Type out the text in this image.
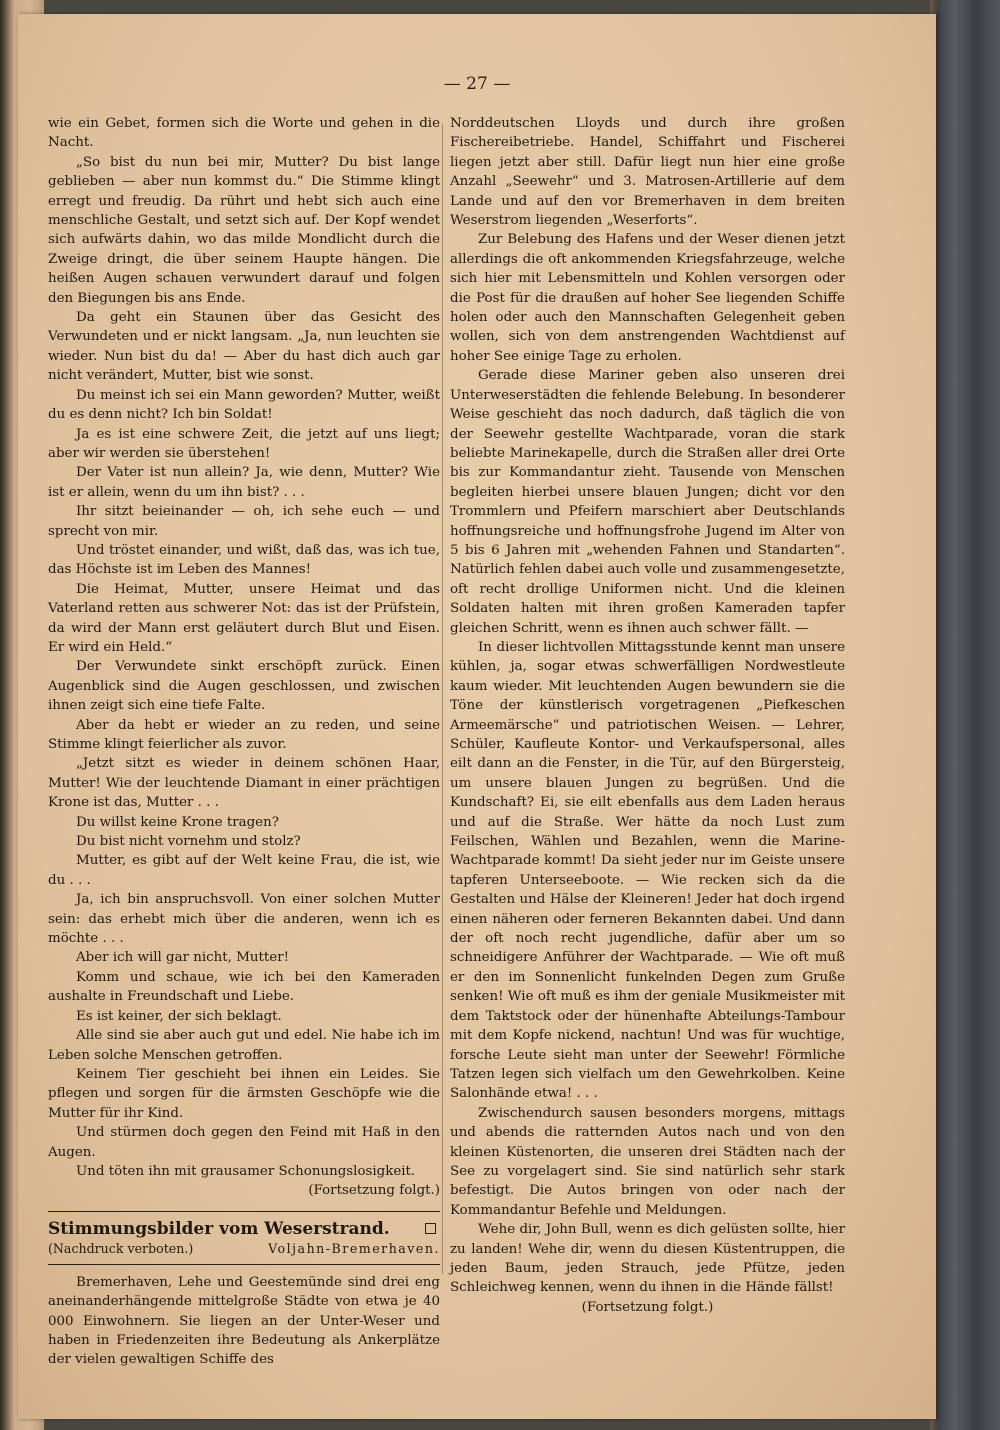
— 27 —

wie ein Gebet, formen sich die Worte und gehen in die Nacht.

„So bist du nun bei mir, Mutter? Du bist lange geblieben — aber nun kommst du.“ Die Stimme klingt erregt und freudig. Da rührt und hebt sich auch eine menschliche Gestalt, und setzt sich auf. Der Kopf wendet sich aufwärts dahin, wo das milde Mondlicht durch die Zweige dringt, die über seinem Haupte hängen. Die heißen Augen schauen verwundert darauf und folgen den Biegungen bis ans Ende.

Da geht ein Staunen über das Gesicht des Verwundeten und er nickt langsam. „Ja, nun leuchten sie wieder. Nun bist du da! — Aber du hast dich auch gar nicht verändert, Mutter, bist wie sonst.

Du meinst ich sei ein Mann geworden? Mutter, weißt du es denn nicht? Ich bin Soldat!

Ja es ist eine schwere Zeit, die jetzt auf uns liegt; aber wir werden sie überstehen!

Der Vater ist nun allein? Ja, wie denn, Mutter? Wie ist er allein, wenn du um ihn bist? . . .

Ihr sitzt beieinander — oh, ich sehe euch — und sprecht von mir.

Und tröstet einander, und wißt, daß das, was ich tue, das Höchste ist im Leben des Mannes!

Die Heimat, Mutter, unsere Heimat und das Vaterland retten aus schwerer Not: das ist der Prüfstein, da wird der Mann erst geläutert durch Blut und Eisen. Er wird ein Held.“

Der Verwundete sinkt erschöpft zurück. Einen Augenblick sind die Augen geschlossen, und zwischen ihnen zeigt sich eine tiefe Falte.

Aber da hebt er wieder an zu reden, und seine Stimme klingt feierlicher als zuvor.

„Jetzt sitzt es wieder in deinem schönen Haar, Mutter! Wie der leuchtende Diamant in einer prächtigen Krone ist das, Mutter . . .

Du willst keine Krone tragen?

Du bist nicht vornehm und stolz?

Mutter, es gibt auf der Welt keine Frau, die ist, wie du . . .

Ja, ich bin anspruchsvoll. Von einer solchen Mutter sein: das erhebt mich über die anderen, wenn ich es möchte . . .

Aber ich will gar nicht, Mutter!

Komm und schaue, wie ich bei den Kameraden aushalte in Freundschaft und Liebe.

Es ist keiner, der sich beklagt.

Alle sind sie aber auch gut und edel. Nie habe ich im Leben solche Menschen getroffen.

Keinem Tier geschieht bei ihnen ein Leides. Sie pflegen und sorgen für die ärmsten Geschöpfe wie die Mutter für ihr Kind.

Und stürmen doch gegen den Feind mit Haß in den Augen.

Und töten ihn mit grausamer Schonungslosigkeit.

(Fortsetzung folgt.)

Stimmungsbilder vom Weserstrand.
(Nachdruck verboten.)	Voljahn-Bremerhaven.

Bremerhaven, Lehe und Geestemünde sind drei eng aneinanderhängende mittelgroße Städte von etwa je 40 000 Einwohnern. Sie liegen an der Unter-Weser und haben in Friedenzeiten ihre Bedeutung als Ankerplätze der vielen gewaltigen Schiffe des

Norddeutschen Lloyds und durch ihre großen Fischereibetriebe. Handel, Schiffahrt und Fischerei liegen jetzt aber still. Dafür liegt nun hier eine große Anzahl „Seewehr“ und 3. Matrosen-Artillerie auf dem Lande und auf den vor Bremerhaven in dem breiten Weserstrom liegenden „Weserforts“.

Zur Belebung des Hafens und der Weser dienen jetzt allerdings die oft ankommenden Kriegsfahrzeuge, welche sich hier mit Lebensmitteln und Kohlen versorgen oder die Post für die draußen auf hoher See liegenden Schiffe holen oder auch den Mannschaften Gelegenheit geben wollen, sich von dem anstrengenden Wachtdienst auf hoher See einige Tage zu erholen.

Gerade diese Mariner geben also unseren drei Unterweserstädten die fehlende Belebung. In besonderer Weise geschieht das noch dadurch, daß täglich die von der Seewehr gestellte Wachtparade, voran die stark beliebte Marinekapelle, durch die Straßen aller drei Orte bis zur Kommandantur zieht. Tausende von Menschen begleiten hierbei unsere blauen Jungen; dicht vor den Trommlern und Pfeifern marschiert aber Deutschlands hoffnungsreiche und hoffnungsfrohe Jugend im Alter von 5 bis 6 Jahren mit „wehenden Fahnen und Standarten“. Natürlich fehlen dabei auch volle und zusammengesetzte, oft recht drollige Uniformen nicht. Und die kleinen Soldaten halten mit ihren großen Kameraden tapfer gleichen Schritt, wenn es ihnen auch schwer fällt. —

In dieser lichtvollen Mittagsstunde kennt man unsere kühlen, ja, sogar etwas schwerfälligen Nordwestleute kaum wieder. Mit leuchtenden Augen bewundern sie die Töne der künstlerisch vorgetragenen „Piefkeschen Armeemärsche“ und patriotischen Weisen. — Lehrer, Schüler, Kaufleute Kontor- und Verkaufspersonal, alles eilt dann an die Fenster, in die Tür, auf den Bürgersteig, um unsere blauen Jungen zu begrüßen. Und die Kundschaft? Ei, sie eilt ebenfalls aus dem Laden heraus und auf die Straße. Wer hätte da noch Lust zum Feilschen, Wählen und Bezahlen, wenn die Marine-Wachtparade kommt! Da sieht jeder nur im Geiste unsere tapferen Unterseeboote. — Wie recken sich da die Gestalten und Hälse der Kleineren! Jeder hat doch irgend einen näheren oder ferneren Bekannten dabei. Und dann der oft noch recht jugendliche, dafür aber um so schneidigere Anführer der Wachtparade. — Wie oft muß er den im Sonnenlicht funkelnden Degen zum Gruße senken! Wie oft muß es ihm der geniale Musikmeister mit dem Taktstock oder der hünenhafte Abteilungs-Tambour mit dem Kopfe nickend, nachtun! Und was für wuchtige, forsche Leute sieht man unter der Seewehr! Förmliche Tatzen legen sich vielfach um den Gewehrkolben. Keine Salonhände etwa! . . .

Zwischendurch sausen besonders morgens, mittags und abends die ratternden Autos nach und von den kleinen Küstenorten, die unseren drei Städten nach der See zu vorgelagert sind. Sie sind natürlich sehr stark befestigt. Die Autos bringen von oder nach der Kommandantur Befehle und Meldungen.

Wehe dir, John Bull, wenn es dich gelüsten sollte, hier zu landen! Wehe dir, wenn du diesen Küstentruppen, die jeden Baum, jeden Strauch, jede Pfütze, jeden Schleichweg kennen, wenn du ihnen in die Hände fällst!

(Fortsetzung folgt.)
